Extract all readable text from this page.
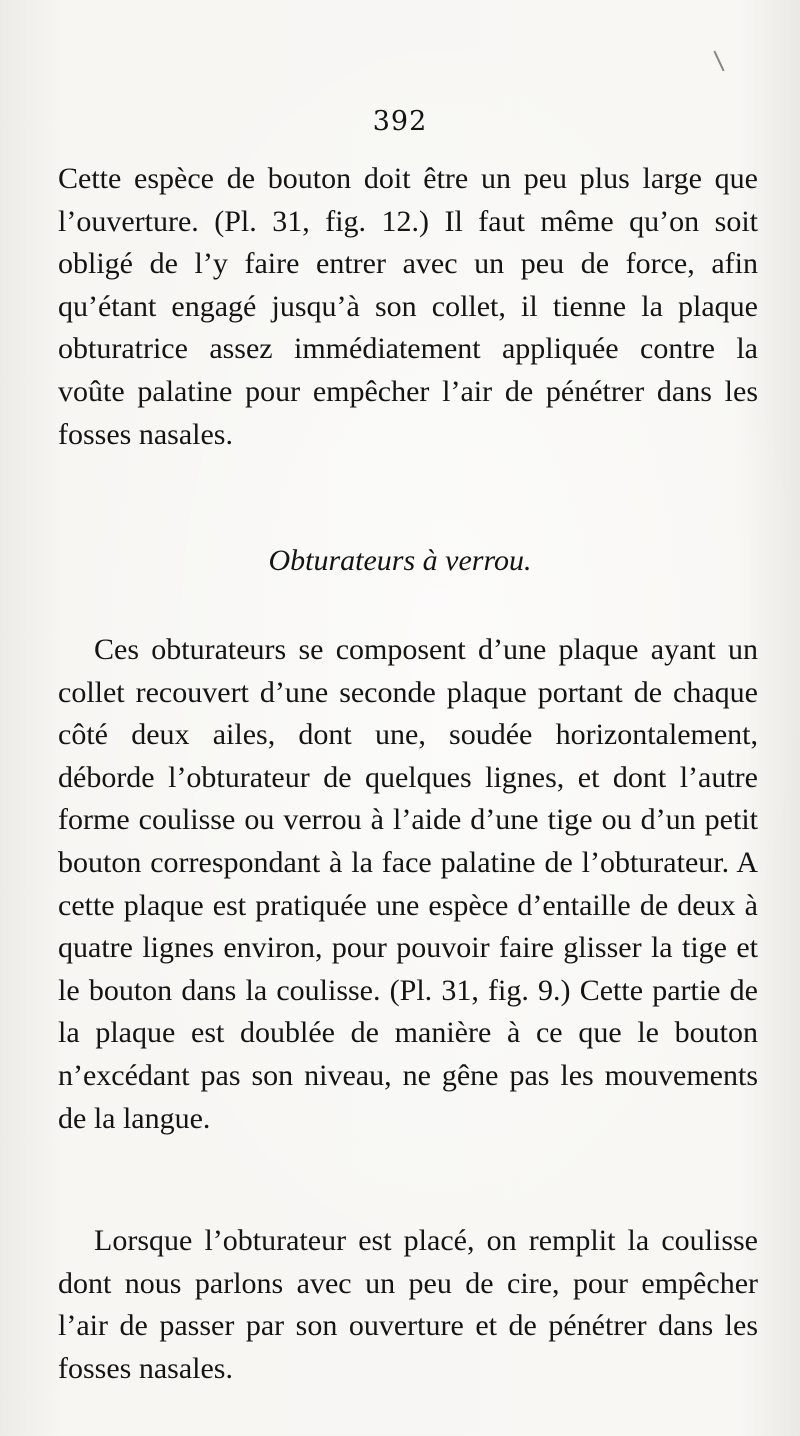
392

Cette espèce de bouton doit être un peu plus large que l’ouverture. (Pl. 31, fig. 12.) Il faut même qu’on soit obligé de l’y faire entrer avec un peu de force, afin qu’étant engagé jusqu’à son collet, il tienne la plaque obturatrice assez immédiatement appliquée contre la voûte palatine pour empêcher l’air de pénétrer dans les fosses nasales.

Obturateurs à verrou.

Ces obturateurs se composent d’une plaque ayant un collet recouvert d’une seconde plaque portant de chaque côté deux ailes, dont une, soudée horizontalement, déborde l’obturateur de quelques lignes, et dont l’autre forme coulisse ou verrou à l’aide d’une tige ou d’un petit bouton correspondant à la face palatine de l’obturateur. A cette plaque est pratiquée une espèce d’entaille de deux à quatre lignes environ, pour pouvoir faire glisser la tige et le bouton dans la coulisse. (Pl. 31, fig. 9.) Cette partie de la plaque est doublée de manière à ce que le bouton n’excédant pas son niveau, ne gêne pas les mouvements de la langue.

Lorsque l’obturateur est placé, on remplit la coulisse dont nous parlons avec un peu de cire, pour empêcher l’air de passer par son ouverture et de pénétrer dans les fosses nasales.
